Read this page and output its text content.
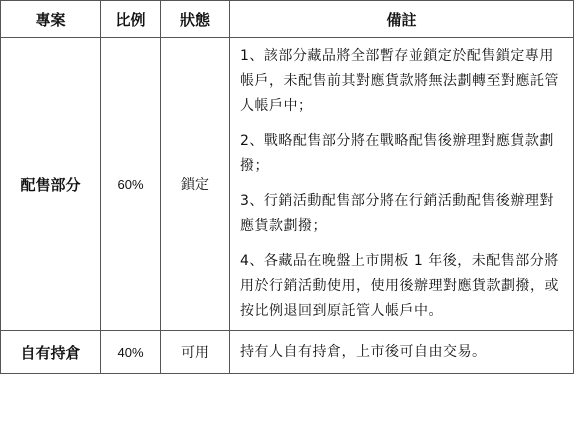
專案	比例	狀態	備註
配售部分	60%	鎖定	1、該部分藏品將全部暫存並鎖定於配售鎖定專用帳戶，未配售前其對應貨款將無法劃轉至對應託管人帳戶中；

2、戰略配售部分將在戰略配售後辦理對應貨款劃撥；

3、行銷活動配售部分將在行銷活動配售後辦理對應貨款劃撥；

4、各藏品在晚盤上市開板 1 年後，未配售部分將用於行銷活動使用，使用後辦理對應貨款劃撥，或按比例退回到原託管人帳戶中。

自有持倉	40%	可用	持有人自有持倉，上市後可自由交易。
